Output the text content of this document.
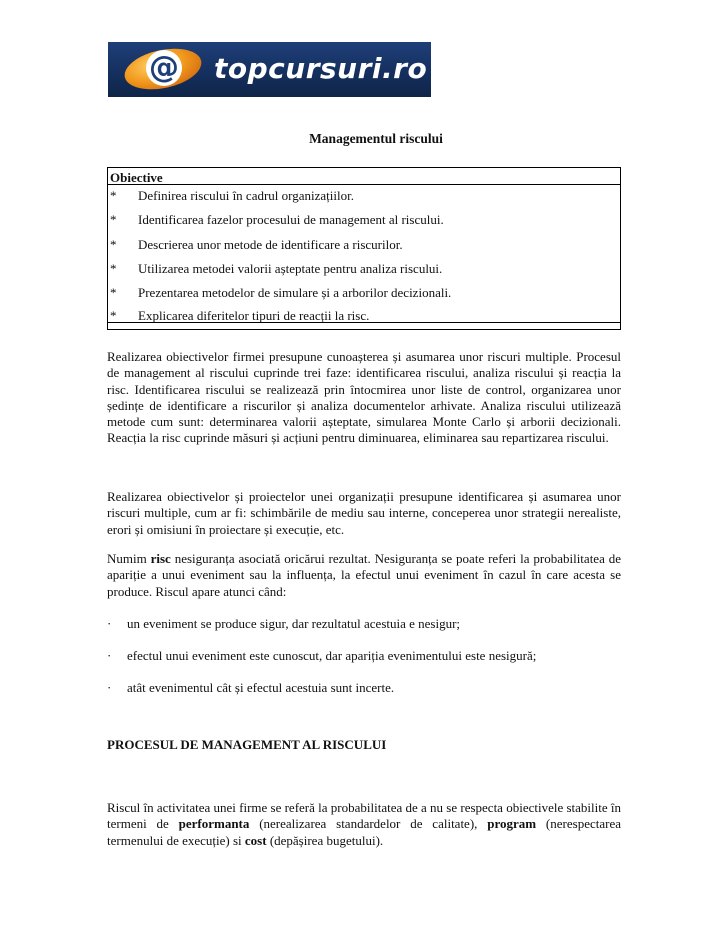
@ topcursuri.ro
Managementul riscului
Obiective
* Definirea riscului în cadrul organizațiilor.
* Identificarea fazelor procesului de management al riscului.
* Descrierea unor metode de identificare a riscurilor.
* Utilizarea metodei valorii așteptate pentru analiza riscului.
* Prezentarea metodelor de simulare și a arborilor decizionali.
* Explicarea diferitelor tipuri de reacții la risc.

Realizarea obiectivelor firmei presupune cunoașterea și asumarea unor riscuri multiple. Procesul de management al riscului cuprinde trei faze: identificarea riscului, analiza riscului și reacția la risc. Identificarea riscului se realizează prin întocmirea unor liste de control, organizarea unor ședințe de identificare a riscurilor și analiza documentelor arhivate. Analiza riscului utilizează metode cum sunt: determinarea valorii așteptate, simularea Monte Carlo și arborii decizionali. Reacția la risc cuprinde măsuri și acțiuni pentru diminuarea, eliminarea sau repartizarea riscului.

Realizarea obiectivelor și proiectelor unei organizații presupune identificarea și asumarea unor riscuri multiple, cum ar fi: schimbările de mediu sau interne, conceperea unor strategii nerealiste, erori și omisiuni în proiectare și execuție, etc.

Numim risc nesiguranța asociată oricărui rezultat. Nesiguranța se poate referi la probabilitatea de apariție a unui eveniment sau la influența, la efectul unui eveniment în cazul în care acesta se produce. Riscul apare atunci când:

· un eveniment se produce sigur, dar rezultatul acestuia e nesigur;
· efectul unui eveniment este cunoscut, dar apariția evenimentului este nesigură;
· atât evenimentul cât și efectul acestuia sunt incerte.
PROCESUL DE MANAGEMENT AL RISCULUI

Riscul în activitatea unei firme se referă la probabilitatea de a nu se respecta obiectivele stabilite în termeni de performanta (nerealizarea standardelor de calitate), program (nerespectarea termenului de execuție) si cost (depășirea bugetului).
